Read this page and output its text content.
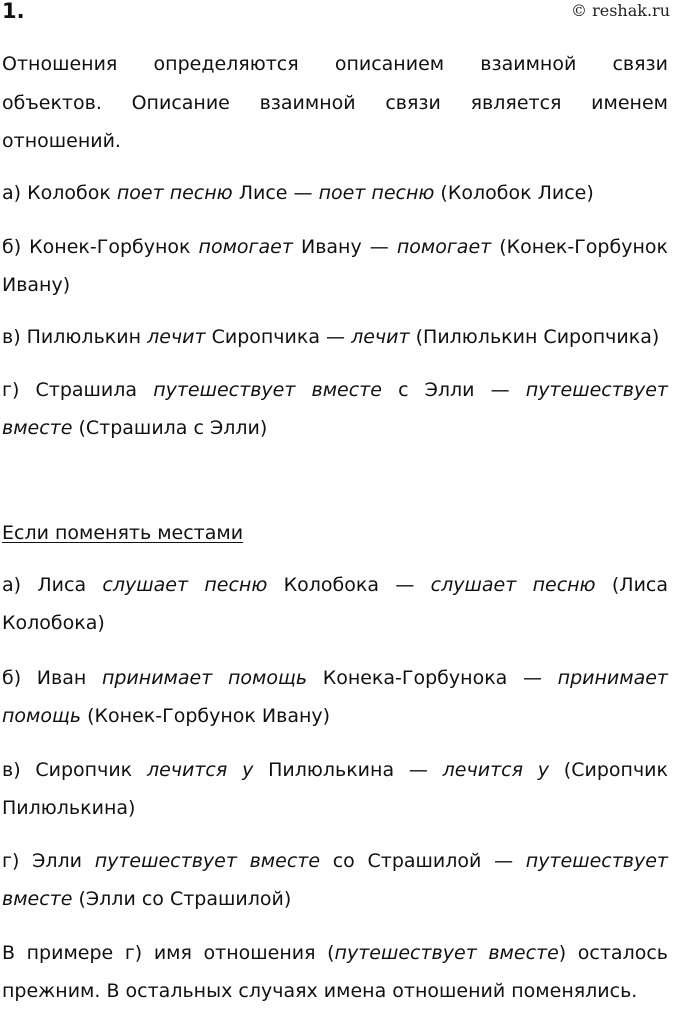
1.	© reshak.ru

Отношения определяются описанием взаимной связи

объектов. Описание взаимной связи является именем

отношений.

а) Колобок поет песню Лисе — поет песню (Колобок Лисе)

б) Конек-Горбунок помогает Ивану — помогает (Конек-Горбунок Ивану)

в) Пилюлькин лечит Сиропчика — лечит (Пилюлькин Сиропчика)

г) Страшила путешествует вместе с Элли — путешествует вместе (Страшила с Элли)

Если поменять местами

а) Лиса слушает песню Колобока — слушает песню (Лиса Колобока)

б) Иван принимает помощь Конека-Горбунока — принимает помощь (Конек-Горбунок Ивану)

в) Сиропчик лечится у Пилюлькина — лечится у (Сиропчик Пилюлькина)

г) Элли путешествует вместе со Страшилой — путешествует вместе (Элли со Страшилой)

В примере г) имя отношения (путешествует вместе) осталось прежним. В остальных случаях имена отношений поменялись.
